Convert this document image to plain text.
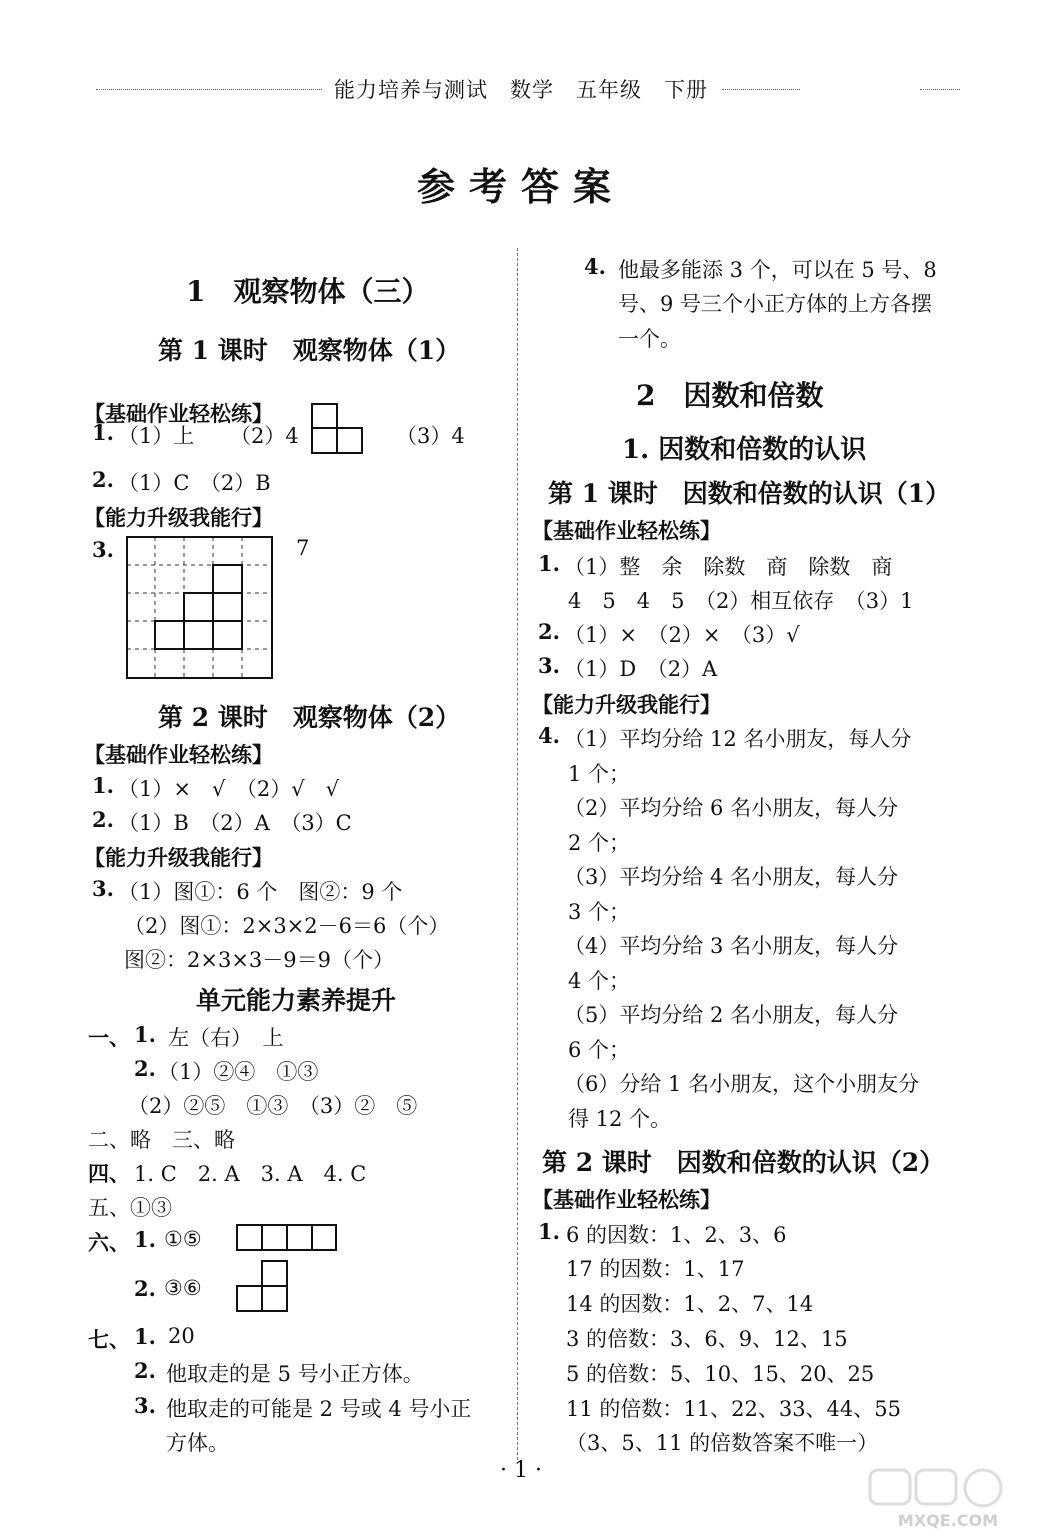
能力培养与测试　数学　五年级　下册
参考答案
1　观察物体（三）
第 1 课时　观察物体（1）
【基础作业轻松练】
1. （1）上 （2）4	（3）4
2. （1）C　（2）B
【能力升级我能行】
3.	7
第 2 课时　观察物体（2）
【基础作业轻松练】
1. （1）×　√　（2）√　√
2. （1）B　（2）A　（3）C
【能力升级我能行】
3. （1）图①：6 个　图②：9 个
（2）图①：2×3×2－6＝6（个）
图②：2×3×3－9＝9（个）
单元能力素养提升
一、 1. 左（右）　上
2. （1）②④　①③
（2）②⑤　①③　（3）②　⑤
二、略　三、略
四、 1. C　2. A　3. A　4. C
五、①③
六、 1. ①⑤
2. ③⑥
七、 1. 20
2. 他取走的是 5 号小正方体。
3. 他取走的可能是 2 号或 4 号小正
方体。
4. 他最多能添 3 个，可以在 5 号、8
号、9 号三个小正方体的上方各摆
一个。
2　因数和倍数
1. 因数和倍数的认识
第 1 课时　因数和倍数的认识（1）
【基础作业轻松练】
1. （1）整　余　除数　商　除数　商
4　5　4　5　（2）相互依存　（3）1
2. （1）×　（2）×　（3）√
3. （1）D　（2）A
【能力升级我能行】
4. （1）平均分给 12 名小朋友，每人分
1 个；
（2）平均分给 6 名小朋友，每人分
2 个；
（3）平均分给 4 名小朋友，每人分
3 个；
（4）平均分给 3 名小朋友，每人分
4 个；
（5）平均分给 2 名小朋友，每人分
6 个；
（6）分给 1 名小朋友，这个小朋友分
得 12 个。
第 2 课时　因数和倍数的认识（2）
【基础作业轻松练】
1. 6 的因数：1、2、3、6
17 的因数：1、17
14 的因数：1、2、7、14
3 的倍数：3、6、9、12、15
5 的倍数：5、10、15、20、25
11 的倍数：11、22、33、44、55
（3、5、11 的倍数答案不唯一）
· 1 ·
MXQE.COM
